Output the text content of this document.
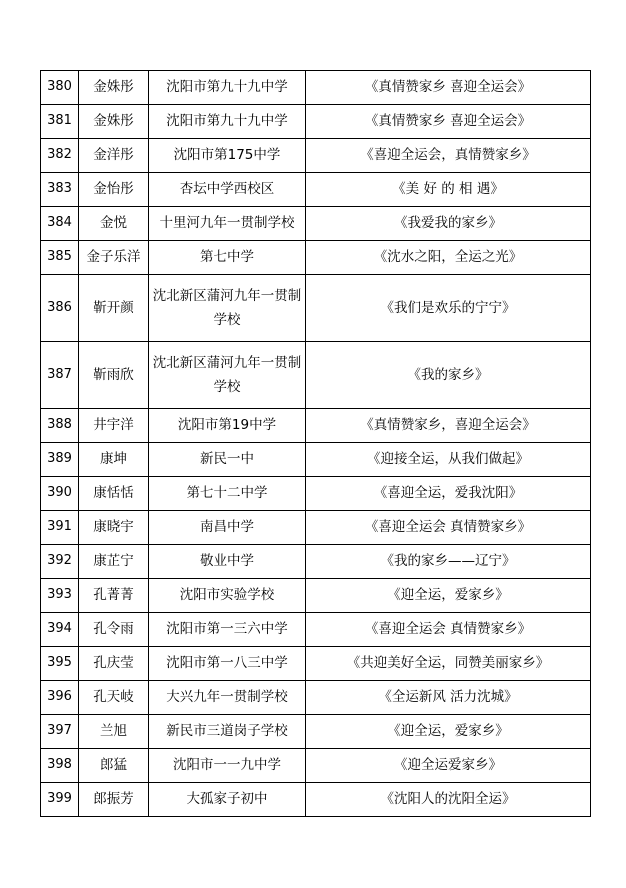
380	金姝彤	沈阳市第九十九中学	《真情赞家乡 喜迎全运会》
381	金姝彤	沈阳市第九十九中学	《真情赞家乡 喜迎全运会》
382	金洋彤	沈阳市第175中学	《喜迎全运会，真情赞家乡》
383	金怡彤	杏坛中学西校区	《美 好 的 相 遇》
384	金悦	十里河九年一贯制学校	《我爱我的家乡》
385	金子乐洋	第七中学	《沈水之阳，全运之光》
386	靳开颜	沈北新区蒲河九年一贯制学校	《我们是欢乐的宁宁》
387	靳雨欣	沈北新区蒲河九年一贯制学校	《我的家乡》
388	井宇洋	沈阳市第19中学	《真情赞家乡，喜迎全运会》
389	康坤	新民一中	《迎接全运，从我们做起》
390	康恬恬	第七十二中学	《喜迎全运，爱我沈阳》
391	康晓宇	南昌中学	《喜迎全运会 真情赞家乡》
392	康芷宁	敬业中学	《我的家乡——辽宁》
393	孔菁菁	沈阳市实验学校	《迎全运，爱家乡》
394	孔令雨	沈阳市第一三六中学	《喜迎全运会 真情赞家乡》
395	孔庆莹	沈阳市第一八三中学	《共迎美好全运，同赞美丽家乡》
396	孔天岐	大兴九年一贯制学校	《全运新风 活力沈城》
397	兰旭	新民市三道岗子学校	《迎全运，爱家乡》
398	郎猛	沈阳市一一九中学	《迎全运爱家乡》
399	郎振芳	大孤家子初中	《沈阳人的沈阳全运》
